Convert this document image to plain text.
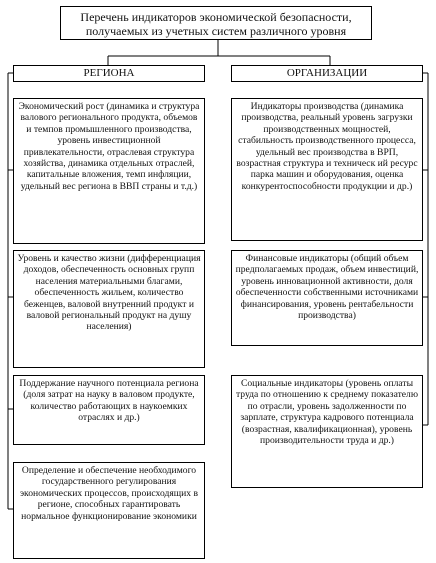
Перечень индикаторов экономической безопасности, получаемых из учетных систем различного уровня
РЕГИОНА	ОРГАНИЗАЦИИ
Экономический рост (динамика и структура валового регионального продукта, объемов и темпов промышленного производства, уровень инвестиционной привлекательности, отраслевая структура хозяйства, динамика отдельных отраслей, капитальные вложения, темп инфляции, удельный вес региона в ВВП страны и т.д.)
Уровень и качество жизни (дифференциация доходов, обеспеченность основных групп населения материальными благами, обеспеченность жильем, количество беженцев, валовой внутренний продукт и валовой региональный продукт на душу населения)
Поддержание научного потенциала региона (доля затрат на науку в валовом продукте, количество работающих в наукоемких отраслях и др.)
Определение и обеспечение необходимого государственного регулирования экономических процессов, происходящих в регионе, способных гарантировать нормальное функционирование экономики
Индикаторы производства (динамика производства, реальный уровень загрузки производственных мощностей, стабильность производственного процесса, удельный вес производства в ВРП, возрастная структура и техническ ий ресурс парка машин и оборудования, оценка конкурентоспособности продукции и др.)
Финансовые индикаторы (общий объем предполагаемых продаж, объем инвестиций, уровень инновационной активности, доля обеспеченности собственными источниками финансирования, уровень рентабельности производства)
Социальные индикаторы (уровень оплаты труда по отношению к среднему показателю по отрасли, уровень задолженности по зарплате, структура кадрового потенциала (возрастная, квалификационная), уровень производительности труда и др.)
